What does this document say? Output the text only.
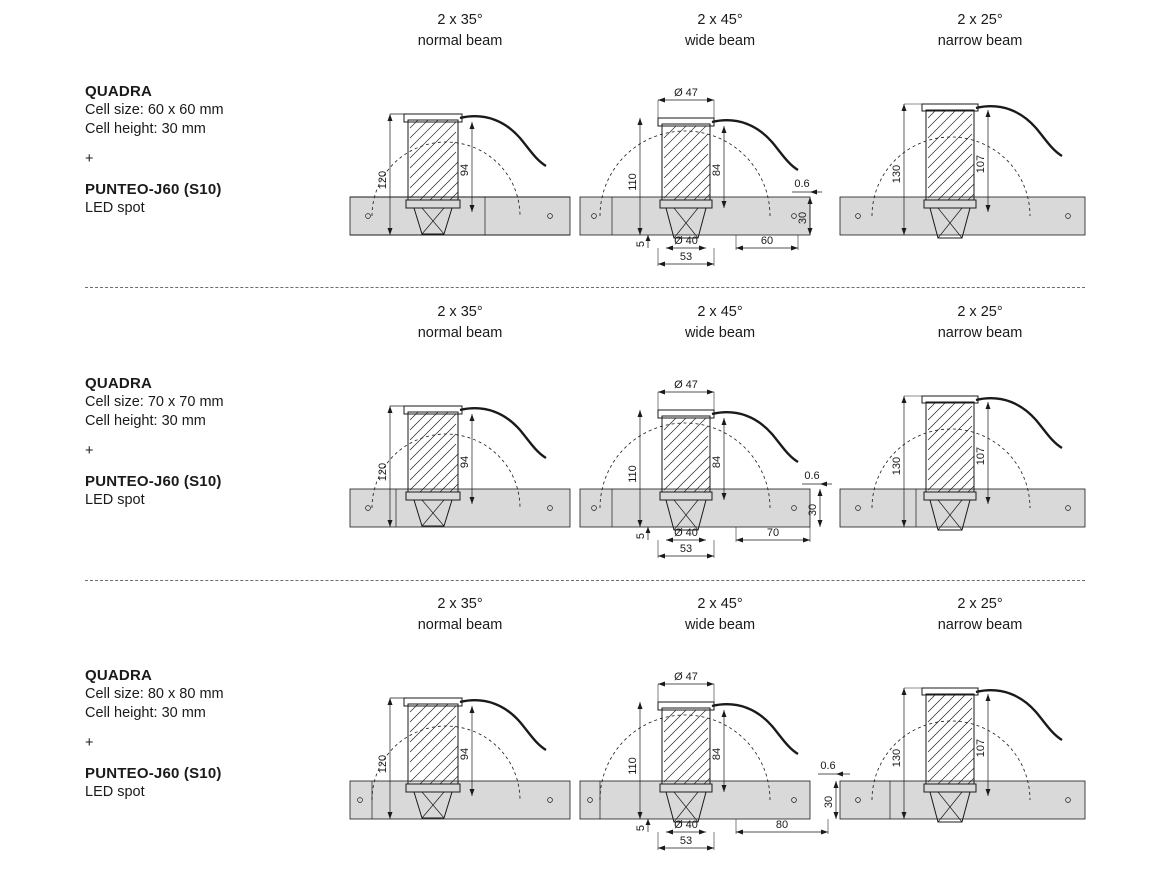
QUADRA
Cell size: 60 x 60 mm
Cell height: 30 mm
+
PUNTEO-J60 (S10)
LED spot
2 x 35°
normal beam
120
94
2 x 45°
wide beam
Ø 47
110
84
0.6
30
5 Ø 40
53
60
2 x 25°
narrow beam
130
107
QUADRA
Cell size: 70 x 70 mm
Cell height: 30 mm
+
PUNTEO-J60 (S10)
LED spot
2 x 35°
normal beam
120
94
2 x 45°
wide beam
Ø 47
110
84
0.6
30
5 Ø 40
53
70
2 x 25°
narrow beam
130
107
QUADRA
Cell size: 80 x 80 mm
Cell height: 30 mm
+
PUNTEO-J60 (S10)
LED spot
2 x 35°
normal beam
120
94
2 x 45°
wide beam
Ø 47
110
84
0.6
30
5 Ø 40
53
80
2 x 25°
narrow beam
130
107
